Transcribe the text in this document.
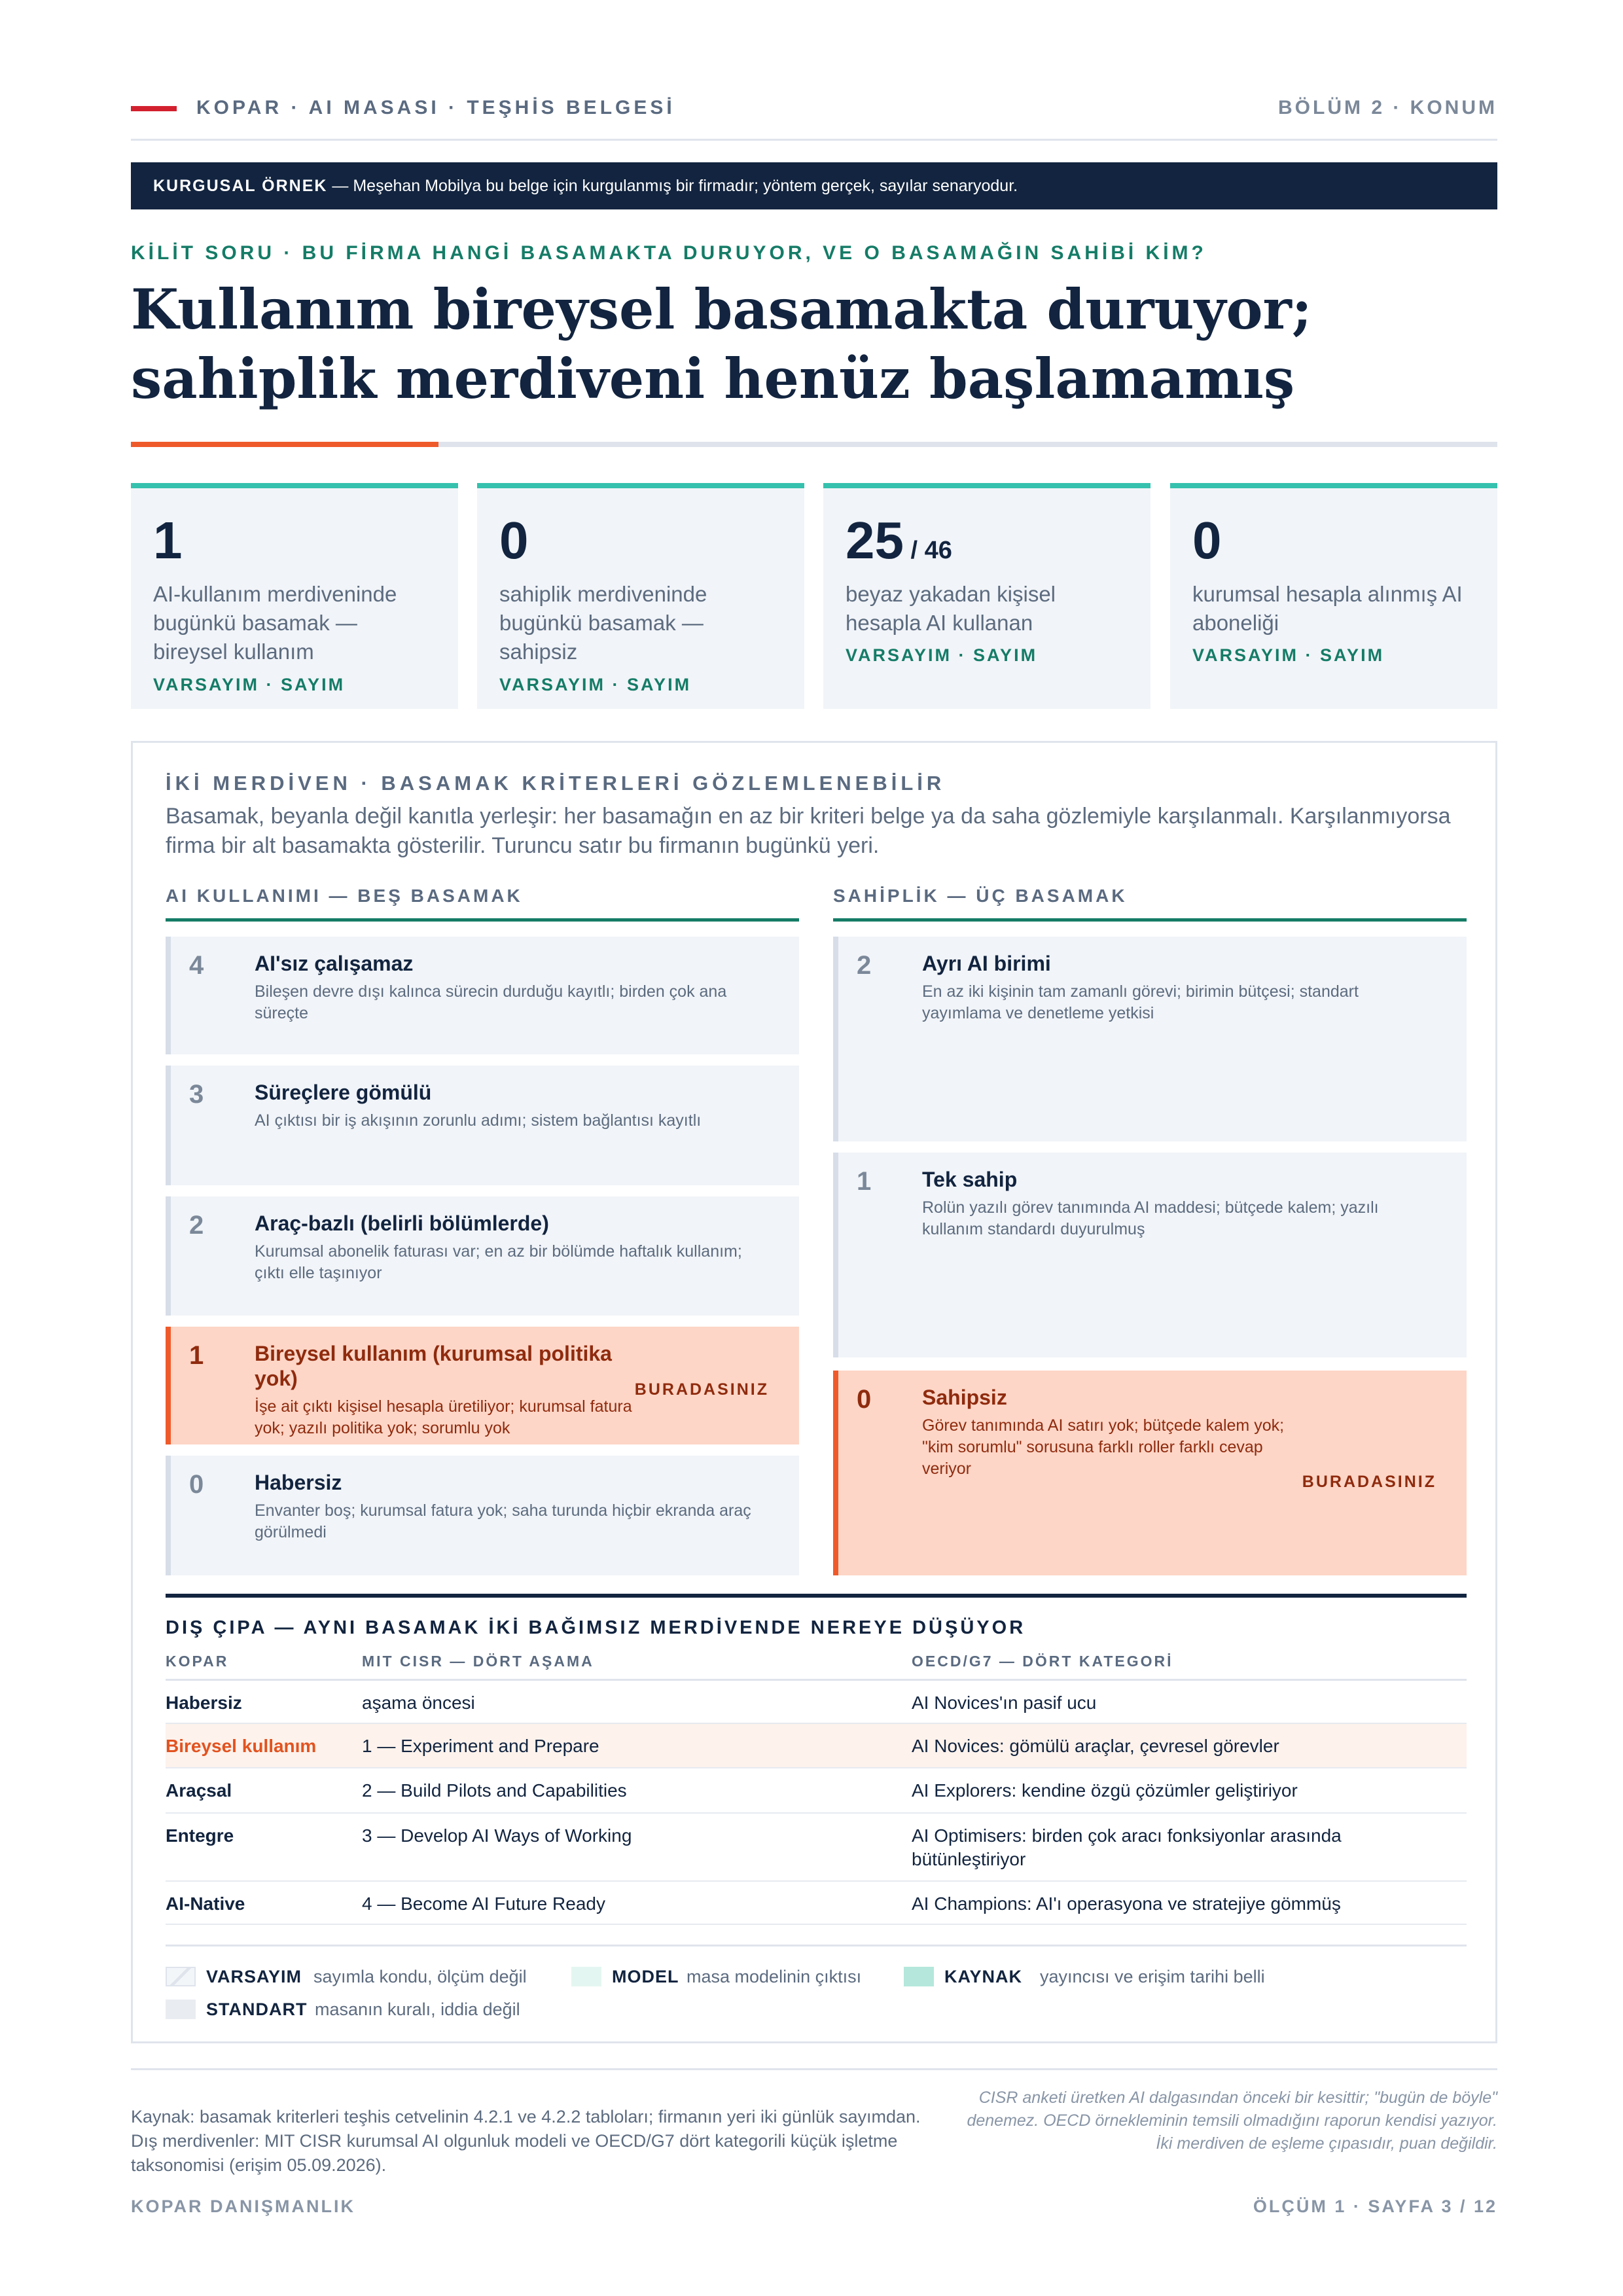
KOPAR · AI MASASI · TEŞHİS BELGESİ	BÖLÜM 2 · KONUM
KURGUSAL ÖRNEK — Meşehan Mobilya bu belge için kurgulanmış bir firmadır; yöntem gerçek, sayılar senaryodur.
KİLİT SORU · BU FİRMA HANGİ BASAMAKTA DURUYOR, VE O BASAMAĞIN SAHİBİ KİM?
Kullanım bireysel basamakta duruyor; sahiplik merdiveni henüz başlamamış
1
AI-kullanım merdiveninde bugünkü basamak — bireysel kullanım
VARSAYIM · SAYIM
0
sahiplik merdiveninde bugünkü basamak — sahipsiz
VARSAYIM · SAYIM
25 / 46
beyaz yakadan kişisel hesapla AI kullanan
VARSAYIM · SAYIM
0
kurumsal hesapla alınmış AI aboneliği
VARSAYIM · SAYIM
İKİ MERDİVEN · BASAMAK KRİTERLERİ GÖZLEMLENEBİLİR

Basamak, beyanla değil kanıtla yerleşir: her basamağın en az bir kriteri belge ya da saha gözlemiyle karşılanmalı. Karşılanmıyorsa firma bir alt basamakta gösterilir. Turuncu satır bu firmanın bugünkü yeri.

AI KULLANIMI — BEŞ BASAMAK
4 AI'sız çalışamaz
Bileşen devre dışı kalınca sürecin durduğu kayıtlı; birden çok ana süreçte
3 Süreçlere gömülü
AI çıktısı bir iş akışının zorunlu adımı; sistem bağlantısı kayıtlı
2 Araç-bazlı (belirli bölümlerde)
Kurumsal abonelik faturası var; en az bir bölümde haftalık kullanım; çıktı elle taşınıyor
1 Bireysel kullanım (kurumsal politika yok)
İşe ait çıktı kişisel hesapla üretiliyor; kurumsal fatura yok; yazılı politika yok; sorumlu yok
BURADASINIZ
0 Habersiz
Envanter boş; kurumsal fatura yok; saha turunda hiçbir ekranda araç görülmedi
SAHİPLİK — ÜÇ BASAMAK
2 Ayrı AI birimi
En az iki kişinin tam zamanlı görevi; birimin bütçesi; standart yayımlama ve denetleme yetkisi
1 Tek sahip
Rolün yazılı görev tanımında AI maddesi; bütçede kalem; yazılı kullanım standardı duyurulmuş
0 Sahipsiz
Görev tanımında AI satırı yok; bütçede kalem yok; "kim sorumlu" sorusuna farklı roller farklı cevap veriyor
BURADASINIZ
DIŞ ÇIPA — AYNI BASAMAK İKİ BAĞIMSIZ MERDİVENDE NEREYE DÜŞÜYOR
KOPAR	MIT CISR — DÖRT AŞAMA	OECD/G7 — DÖRT KATEGORİ
Habersiz	aşama öncesi	AI Novices'ın pasif ucu
Bireysel kullanım 1 — Experiment and Prepare	AI Novices: gömülü araçlar, çevresel görevler
Araçsal	2 — Build Pilots and Capabilities	AI Explorers: kendine özgü çözümler geliştiriyor
Entegre	3 — Develop AI Ways of Working	AI Optimisers: birden çok aracı fonksiyonlar arasında bütünleştiriyor
AI-Native	4 — Become AI Future Ready	AI Champions: AI'ı operasyona ve stratejiye gömmüş
VARSAYIM sayımla kondu, ölçüm değil	MODEL masa modelinin çıktısı	KAYNAK yayıncısı ve erişim tarihi belli
STANDART masanın kuralı, iddia değil

Kaynak: basamak kriterleri teşhis cetvelinin 4.2.1 ve 4.2.2 tabloları; firmanın yeri iki günlük sayımdan. Dış merdivenler: MIT CISR kurumsal AI olgunluk modeli ve OECD/G7 dört kategorili küçük işletme taksonomisi (erişim 05.09.2026).

CISR anketi üretken AI dalgasından önceki bir kesittir; "bugün de böyle" denemez. OECD örnekleminin temsili olmadığını raporun kendisi yazıyor. İki merdiven de eşleme çıpasıdır, puan değildir.

KOPAR DANIŞMANLIK	ÖLÇÜM 1 · SAYFA 3 / 12
